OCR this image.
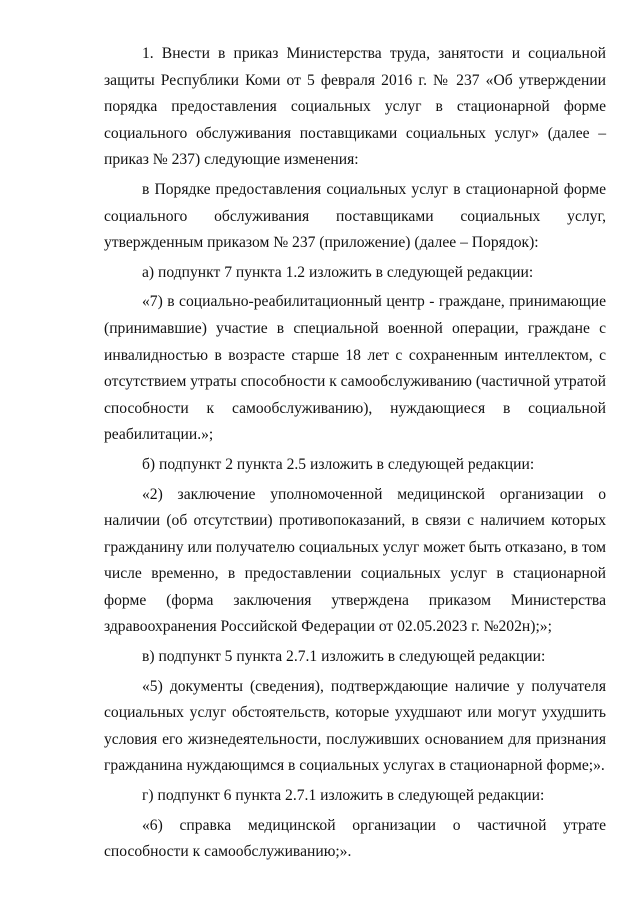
1. Внести в приказ Министерства труда, занятости и социальной защиты Республики Коми от 5 февраля 2016 г. № 237 «Об утверждении порядка предоставления социальных услуг в стационарной форме социального обслуживания поставщиками социальных услуг» (далее – приказ № 237) следующие изменения:

в Порядке предоставления социальных услуг в стационарной форме социального обслуживания поставщиками социальных услуг, утвержденным приказом № 237 (приложение) (далее – Порядок):

а) подпункт 7 пункта 1.2 изложить в следующей редакции:

«7) в социально-реабилитационный центр - граждане, принимающие (принимавшие) участие в специальной военной операции, граждане с инвалидностью в возрасте старше 18 лет с сохраненным интеллектом, с отсутствием утраты способности к самообслуживанию (частичной утратой способности к самообслуживанию), нуждающиеся в социальной реабилитации.»;

б) подпункт 2 пункта 2.5 изложить в следующей редакции:

«2) заключение уполномоченной медицинской организации о наличии (об отсутствии) противопоказаний, в связи с наличием которых гражданину или получателю социальных услуг может быть отказано, в том числе временно, в предоставлении социальных услуг в стационарной форме (форма заключения утверждена приказом Министерства здравоохранения Российской Федерации от 02.05.2023 г. №202н);»;

в) подпункт 5 пункта 2.7.1 изложить в следующей редакции:

«5) документы (сведения), подтверждающие наличие у получателя социальных услуг обстоятельств, которые ухудшают или могут ухудшить условия его жизнедеятельности, послуживших основанием для признания гражданина нуждающимся в социальных услугах в стационарной форме;».

г) подпункт 6 пункта 2.7.1 изложить в следующей редакции:

«6) справка медицинской организации о частичной утрате способности к самообслуживанию;».
